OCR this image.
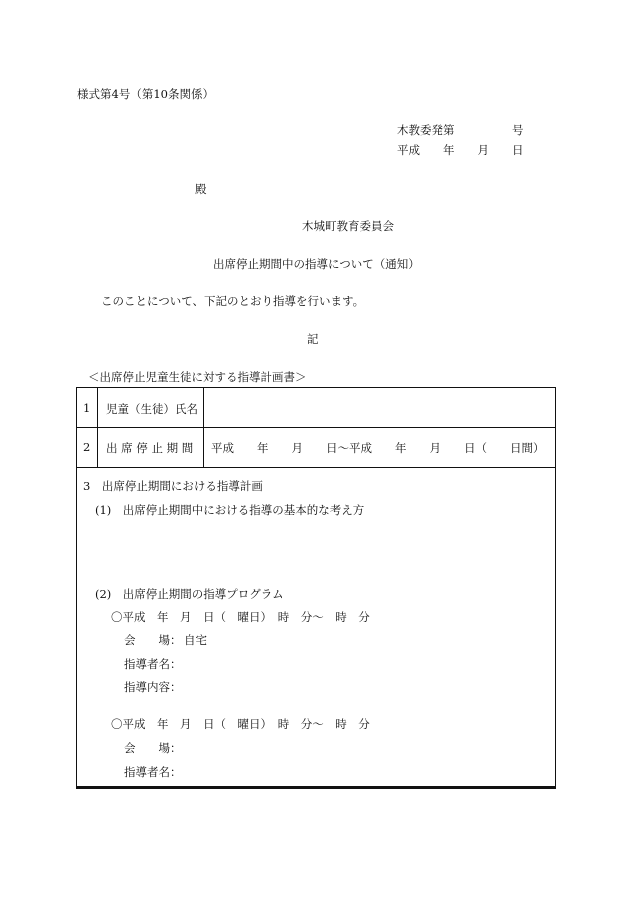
様式第4号（第10条関係）
木教委発第　　　　　号
平成　　年　　月　　日
殿
木城町教育委員会
出席停止期間中の指導について（通知）
このことについて、下記のとおり指導を行います。
記
＜出席停止児童生徒に対する指導計画書＞
1 児童（生徒）氏名
2 出 席 停 止 期 間 平成　　年　　月　　日～平成　　年　　月　　日（　　日間）
3　出席停止期間における指導計画
(1)　出席停止期間中における指導の基本的な考え方
(2)　出席停止期間の指導プログラム
〇平成　年　月　日（　曜日）　時　分～　時　分
会　　場： 自宅
指導者名：
指導内容：
〇平成　年　月　日（　曜日）　時　分～　時　分
会　　場：
指導者名：
